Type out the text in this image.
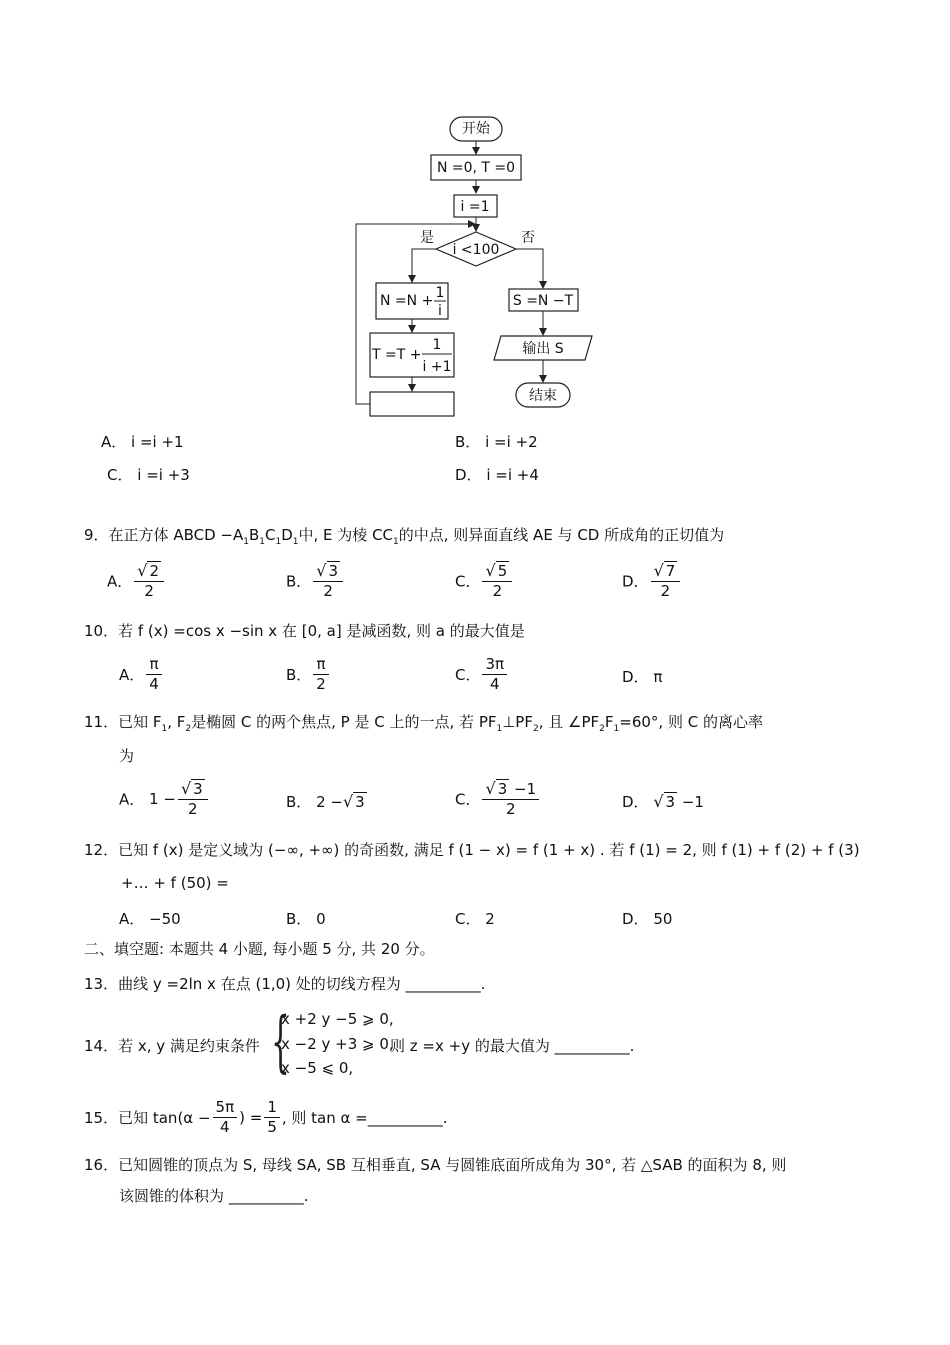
开始
N =0, T =0
i =1
i <100
是	否
N =N + 1
i
T =T +
1
i +1
S =N −T
输出 S
结束
A． i =i +1	B． i =i +2
C． i =i +3	D． i =i +4
9．在正方体 ABCD $-A_1B_1C_1D_1$中, E 为棱 $CC_1$的中点, 则异面直线 AE 与 CD 所成角的正切值为
A． $\frac{√ 2}{2}$	B． $\frac{√ 3}{2}$	C． $\frac{√ 5}{2}$	D． $\frac{√ 7}{2}$
10．若 f (x) =cos x −sin x 在 [0, a] 是减函数, 则 a 的最大值是
A． $\frac{\pi}{4}$	B． $\frac{\pi}{2}$	C． $\frac{3\pi}{4}$	D． π
11．已知 $F_1$, $F_2$是椭圆 C 的两个焦点, P 是 C 上的一点, 若 $PF_1\perp PF_2$, 且 $\angle PF_2F_1=60^\circ$, 则 C 的离心率
为
A． $1 - \frac{√ 3}{2}$	B． 2 −√ 3	C． $\frac{√ 3 -1}{2}$	D． √ 3 −1
12．已知 f (x) 是定义域为 (−∞, +∞) 的奇函数, 满足 f (1 − x) = f (1 + x) . 若 f (1) = 2, 则 f (1) + f (2) + f (3)
+… + f (50) =
A． −50	B． 0	C． 2	D． 50
二、填空题: 本题共 4 小题, 每小题 5 分, 共 20 分。
13．曲线 y =2ln x 在点 (1,0) 处的切线方程为 __________.
14．若 x, y 满足约束条件 {
x +2 y −5 ⩾ 0,
x −2 y +3 ⩾ 0,
x −5 ⩽ 0,
则 z =x +y 的最大值为 __________.
15．已知 $\tan(\alpha - \frac{5\pi}{4}$ ) = $\frac{1}{5}$ , 则 tan α =__________.
16．已知圆锥的顶点为 S, 母线 SA, SB 互相垂直, SA 与圆锥底面所成角为 30°, 若 △SAB 的面积为 8, 则
该圆锥的体积为 __________.
